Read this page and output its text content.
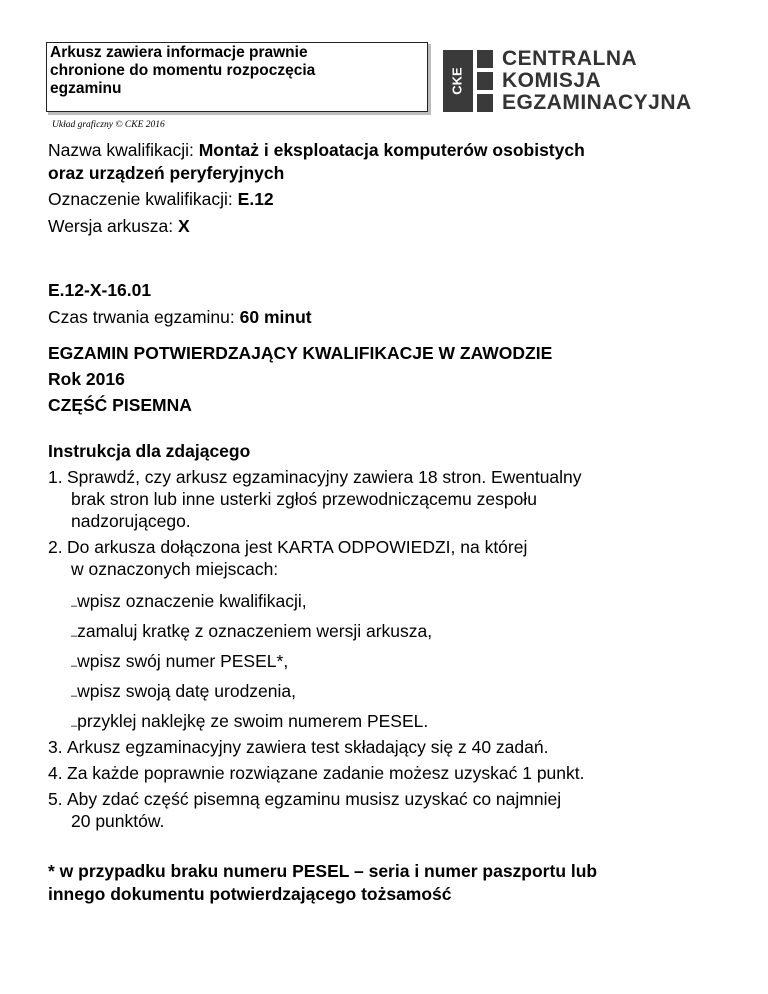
Arkusz zawiera informacje prawnie
chronione do momentu rozpoczęcia
egzaminu
Układ graficzny © CKE 2016
CKE
CENTRALNA
KOMISJA
EGZAMINACYJNA
Nazwa kwalifikacji: Montaż i eksploatacja komputerów osobistych
oraz urządzeń peryferyjnych
Oznaczenie kwalifikacji: E.12
Wersja arkusza: X
E.12-X-16.01
Czas trwania egzaminu: 60 minut
EGZAMIN POTWIERDZAJĄCY KWALIFIKACJE W ZAWODZIE
Rok 2016
CZĘŚĆ PISEMNA
Instrukcja dla zdającego
1. Sprawdź, czy arkusz egzaminacyjny zawiera 18 stron. Ewentualny
brak stron lub inne usterki zgłoś przewodniczącemu zespołu
nadzorującego.
2. Do arkusza dołączona jest KARTA ODPOWIEDZI, na której
w oznaczonych miejscach:
–wpisz oznaczenie kwalifikacji,
–zamaluj kratkę z oznaczeniem wersji arkusza,
–wpisz swój numer PESEL*,
–wpisz swoją datę urodzenia,
–przyklej naklejkę ze swoim numerem PESEL.
3. Arkusz egzaminacyjny zawiera test składający się z 40 zadań.
4. Za każde poprawnie rozwiązane zadanie możesz uzyskać 1 punkt.
5. Aby zdać część pisemną egzaminu musisz uzyskać co najmniej
20 punktów.
* w przypadku braku numeru PESEL – seria i numer paszportu lub
innego dokumentu potwierdzającego tożsamość
